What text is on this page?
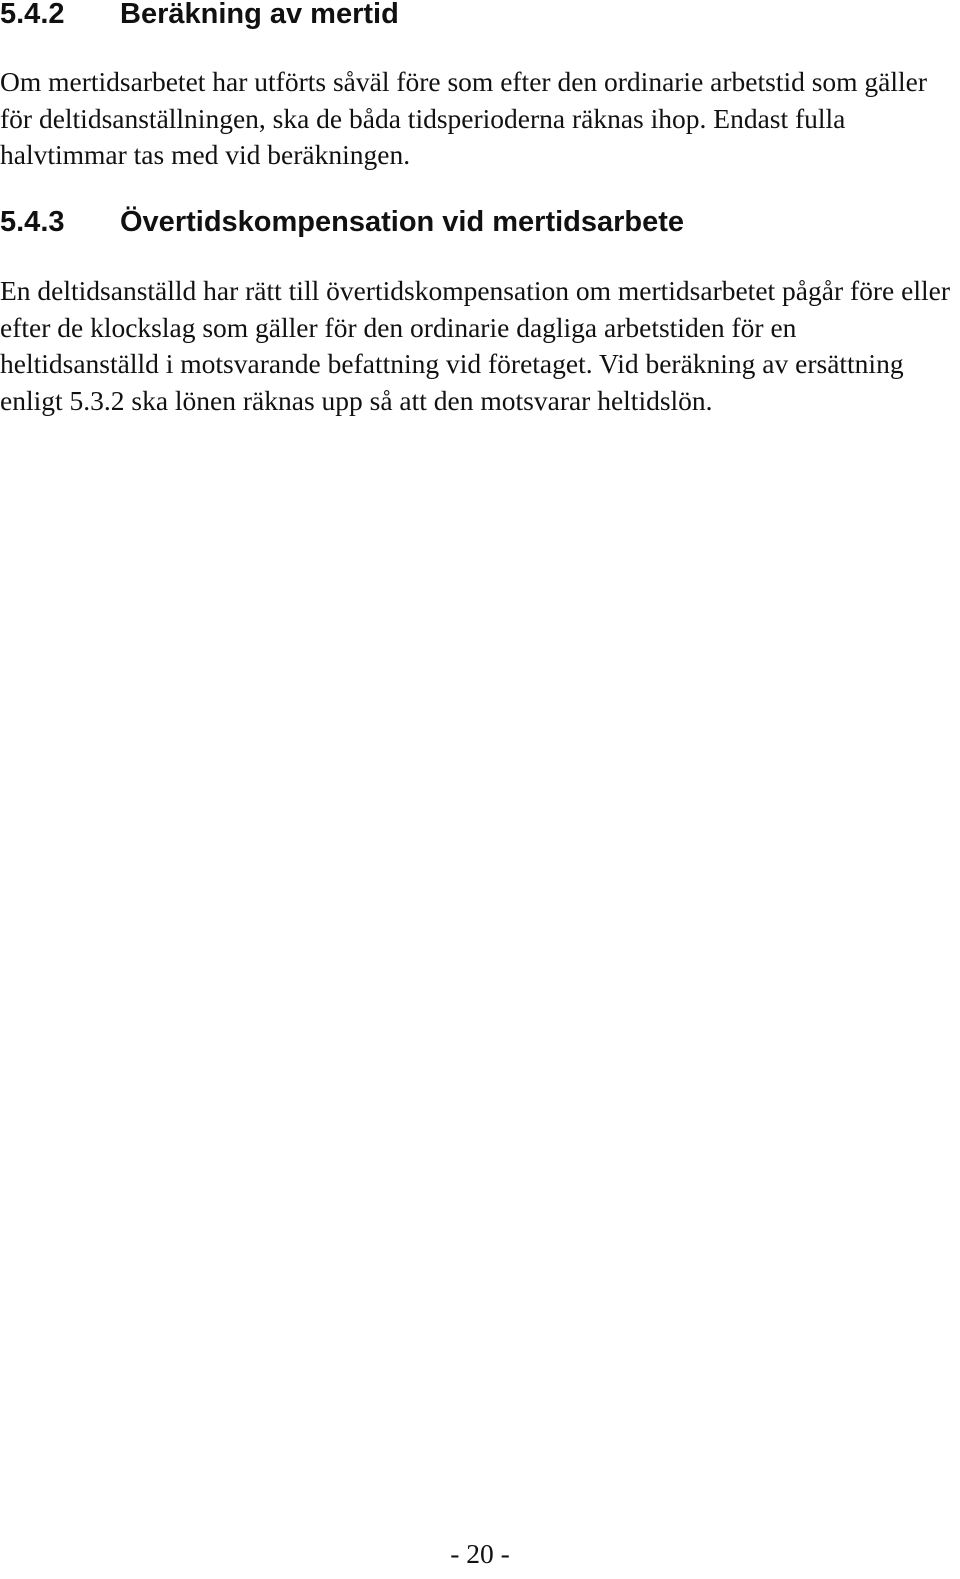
5.4.2 Beräkning av mertid

Om mertidsarbetet har utförts såväl före som efter den ordinarie arbetstid som gäller för deltidsanställningen, ska de båda tidsperioderna räknas ihop. Endast fulla halvtimmar tas med vid beräkningen.

5.4.3 Övertidskompensation vid mertidsarbete

En deltidsanställd har rätt till övertidskompensation om mertidsarbetet pågår före eller efter de klockslag som gäller för den ordinarie dagliga arbetstiden för en heltidsanställd i motsvarande befattning vid företaget. Vid beräkning av ersättning enligt 5.3.2 ska lönen räknas upp så att den motsvarar heltidslön.

- 20 -
